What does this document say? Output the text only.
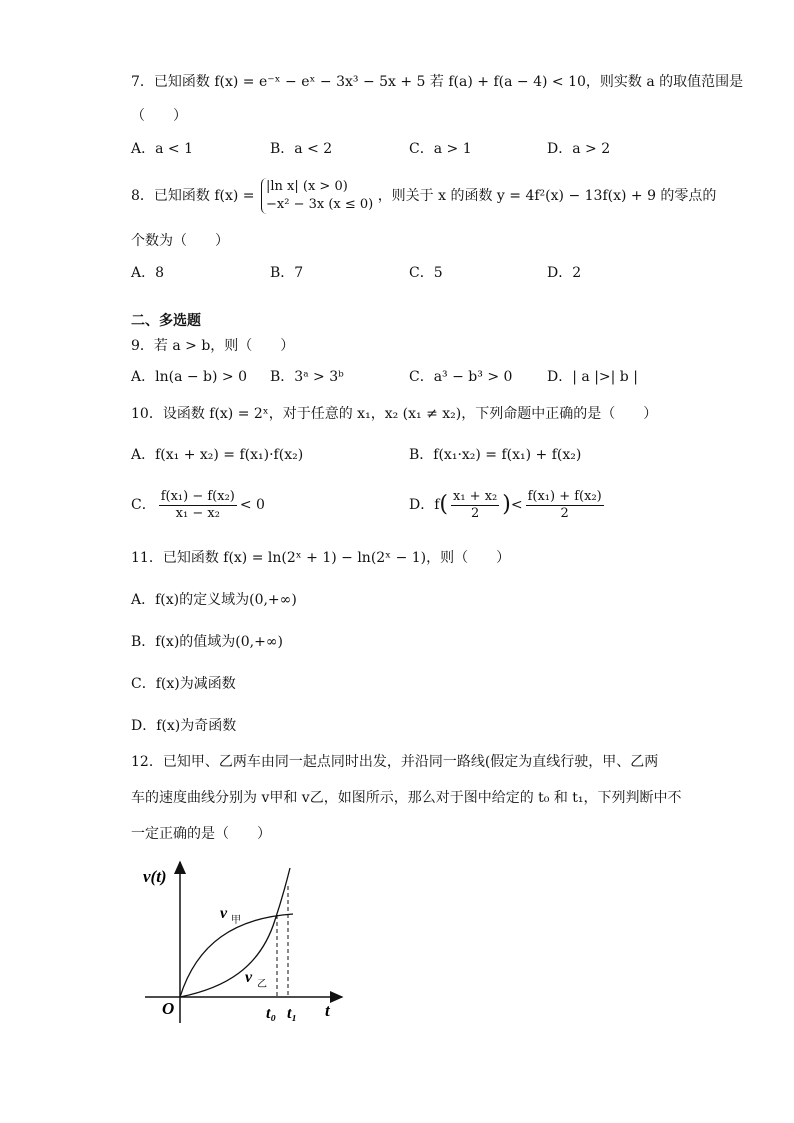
7．已知函数 f(x) = e⁻ˣ − eˣ − 3x³ − 5x + 5 若 f(a) + f(a − 4) < 10，则实数 a 的取值范围是
（　　）
A．a < 1	B．a < 2	C．a > 1	D．a > 2
8．已知函数 f(x) =
|ln x| (x > 0)
−x² − 3x (x ≤ 0)
，则关于 x 的函数 y = 4f²(x) − 13f(x) + 9 的零点的
个数为（　　）
A．8	B．7	C．5	D．2
二、多选题
9．若 a > b，则（　　）
A．ln(a − b) > 0 B．3ᵃ > 3ᵇ	C．a³ − b³ > 0 D．| a |>| b |
10．设函数 f(x) = 2ˣ，对于任意的 x₁，x₂ (x₁ ≠ x₂)，下列命题中正确的是（　　）
A．f(x₁ + x₂) = f(x₁)·f(x₂)	B．f(x₁·x₂) = f(x₁) + f(x₂)
C． $\frac{\text{f(x₁) − f(x₂)}}{\text{x₁ − x₂}} < 0$	D．$f( \frac{\text{x₁ + x₂}}{2}$ )< $\frac{\text{f(x₁) + f(x₂)}}{2}$
11．已知函数 f(x) = ln(2ˣ + 1) − ln(2ˣ − 1)，则（　　）
A．f(x)的定义域为(0,+∞)
B．f(x)的值域为(0,+∞)
C．f(x)为减函数
D．f(x)为奇函数
12．已知甲、乙两车由同一起点同时出发，并沿同一路线(假定为直线行驶，甲、乙两
车的速度曲线分别为 v甲和 v乙，如图所示，那么对于图中给定的 t₀ 和 t₁，下列判断中不
一定正确的是（　　）
v(t)
t
O	t₀ t₁
v 甲
v 乙
